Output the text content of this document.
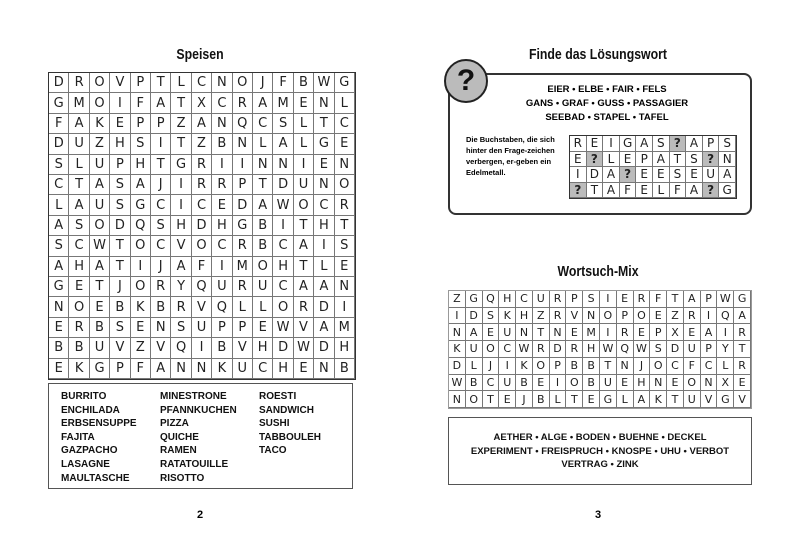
Speisen
D R O V P T L C N O	J	F B W G
G M O	I	F A T X C R A M E N L
F A K E P P Z A N Q C S L T C
D U Z H S	I	T Z B N L A L G E
S L U P H T G R	I	I	N N	I	E N
C T A S A	J	I	R R P T D U N O
L A U S G C	I	C E D A W O C R
A S O D Q S H D H G B	I	T H T
S C W T O C V O C R B C A	I	S
A H A T	I	J	A F	I M O H T L E
G E T	J	O R Y Q U R U C A A N
N O E B K B R V Q L	L O R D	I
E R B S E N S U P P E W V A M
B B U V Z V Q	I	B V H D W D H
E K G P F A N N K U C H E N B
BURRITO
ENCHILADA
ERBSENSUPPE
FAJITA
GAZPACHO
LASAGNE
MAULTASCHE
MINESTRONE
PFANNKUCHEN
PIZZA
QUICHE
RAMEN
RATATOUILLE
RISOTTO
ROESTI
SANDWICH
SUSHI
TABBOULEH
TACO
2
Finde das Lösungswort
?	EIER • ELBE • FAIR • FELS
GANS • GRAF • GUSS • PASSAGIER
SEEBAD • STAPEL • TAFEL
Die Buchstaben, die sich hinter den Frage-zeichen verbergen, er-geben ein Edelmetall.
R E I G A S ? A P S
E ? L E P A T S ? N
I D A ? E E S E U A
? T A F E L F A ? G
Wortsuch-Mix
Z G Q H C U R P S	I	E R F T A P W G
I D S K H Z R V N O P O E Z R	I Q A
N A E U N T N E M I	R E P X E A	I	R
K U O C W R D R H W Q W S D U P Y T
D L	J	I	K O P B B T N	J O C F C L R
W B C U B E	I O B U E H N E O N X E
N O T E	J	B L T E G L A K T U V G V
AETHER • ALGE • BODEN • BUEHNE • DECKEL
EXPERIMENT • FREISPRUCH • KNOSPE • UHU • VERBOT
VERTRAG • ZINK
3
